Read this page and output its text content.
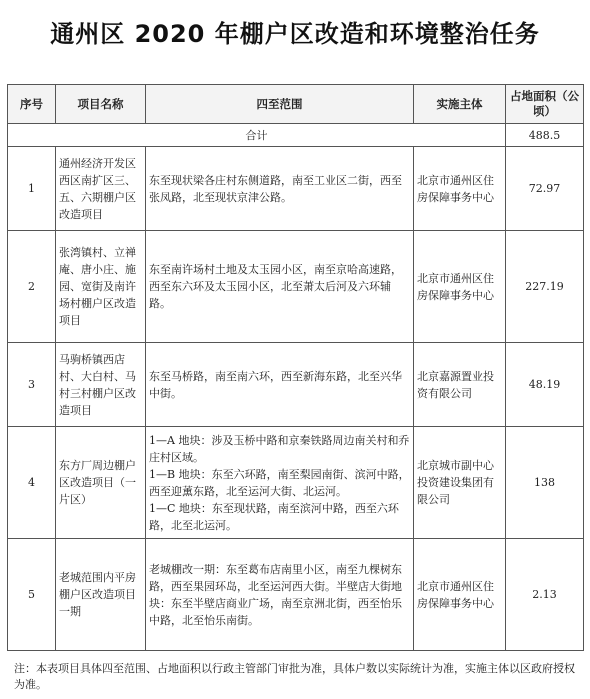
通州区 2020 年棚户区改造和环境整治任务
序号	项目名称	四至范围	实施主体	占地面积（公顷）
合计				488.5
1	通州经济开发区西区南扩区三、五、六期棚户区改造项目	东至现状梁各庄村东侧道路，南至工业区二街，西至张凤路，北至现状京津公路。	北京市通州区住房保障事务中心	72.97
2	张湾镇村、立禅庵、唐小庄、施园、宽街及南许场村棚户区改造项目	东至南许场村土地及太玉园小区，南至京哈高速路，西至东六环及太玉园小区，北至萧太后河及六环辅路。	北京市通州区住房保障事务中心	227.19
3	马驹桥镇西店村、大白村、马村三村棚户区改造项目	东至马桥路，南至南六环，西至新海东路，北至兴华中街。	北京嘉源置业投资有限公司	48.19
4	东方厂周边棚户区改造项目（一片区）	1—A 地块：涉及玉桥中路和京秦铁路周边南关村和乔庄村区域。
1—B 地块：东至六环路，南至梨园南街、滨河中路，西至迎薰东路，北至运河大街、北运河。
1—C 地块：东至现状路，南至滨河中路，西至六环路，北至北运河。	北京城市副中心投资建设集团有限公司	138
5	老城范围内平房棚户区改造项目一期	老城棚改一期：东至葛布店南里小区，南至九棵树东路，西至果园环岛，北至运河西大街。半壁店大街地块：东至半壁店商业广场，南至京洲北街，西至怡乐中路，北至怡乐南街。	北京市通州区住房保障事务中心	2.13
注：本表项目具体四至范围、占地面积以行政主管部门审批为准，具体户数以实际统计为准，实施主体以区政府授权为准。
